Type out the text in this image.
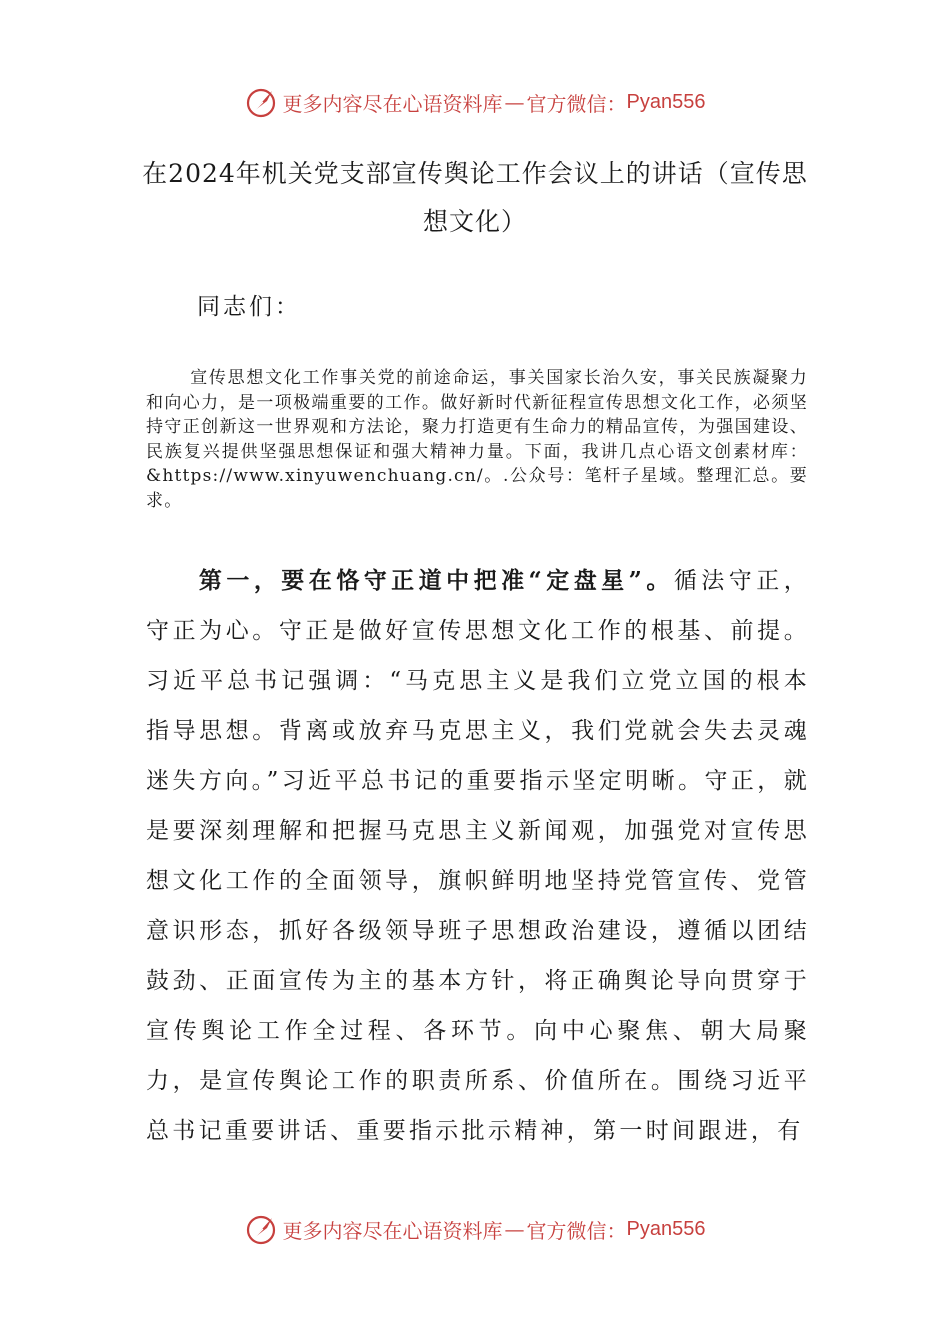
更多内容尽在心语资料库 — 官方微信： Pyan556
在2024年机关党支部宣传舆论工作会议上的讲话（宣传思想文化）

同志们：

宣传思想文化工作事关党的前途命运，事关国家长治久安，事关民族凝聚力和向心力，是一项极端重要的工作。做好新时代新征程宣传思想文化工作，必须坚持守正创新这一世界观和方法论，聚力打造更有生命力的精品宣传，为强国建设、民族复兴提供坚强思想保证和强大精神力量。下面，我讲几点心语文创素材库：&https://www.xinyuwenchuang.cn/。.公众号：笔杆子星域。整理汇总。要求。

第一，要在恪守正道中把准“定盘星”。循法守正，守正为心。守正是做好宣传思想文化工作的根基、前提。习近平总书记强调：“马克思主义是我们立党立国的根本指导思想。背离或放弃马克思主义，我们党就会失去灵魂迷失方向。”习近平总书记的重要指示坚定明晰。守正，就是要深刻理解和把握马克思主义新闻观，加强党对宣传思想文化工作的全面领导，旗帜鲜明地坚持党管宣传、党管意识形态，抓好各级领导班子思想政治建设，遵循以团结鼓劲、正面宣传为主的基本方针，将正确舆论导向贯穿于宣传舆论工作全过程、各环节。向中心聚焦、朝大局聚力，是宣传舆论工作的职责所系、价值所在。围绕习近平总书记重要讲话、重要指示批示精神，第一时间跟进，有

更多内容尽在心语资料库 — 官方微信： Pyan556
